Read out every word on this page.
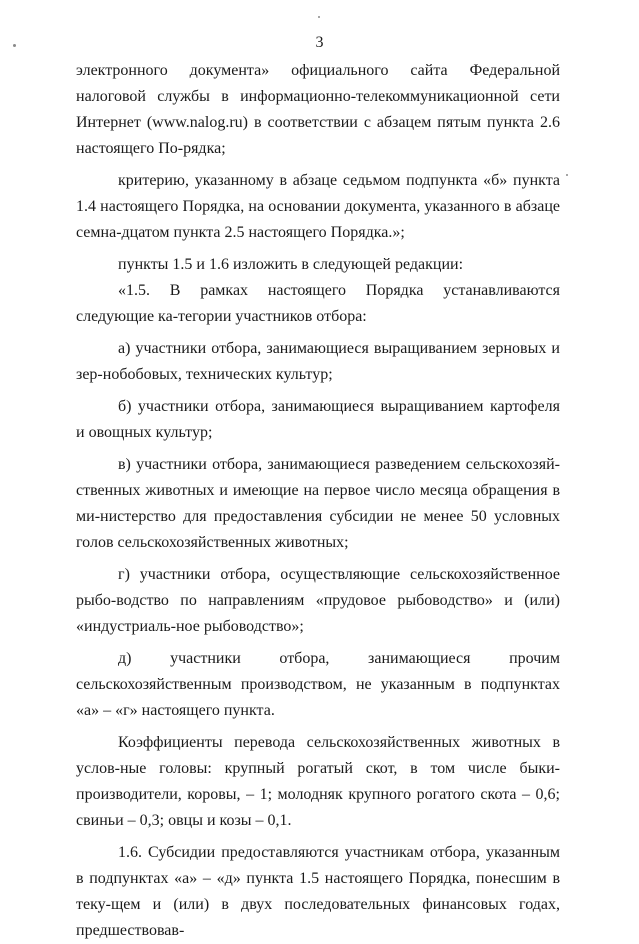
3

электронного документа» официального сайта Федеральной налоговой службы в информационно-телекоммуникационной сети Интернет (www.nalog.ru) в соответствии с абзацем пятым пункта 2.6 настоящего По-рядка;

критерию, указанному в абзаце седьмом подпункта «б» пункта 1.4 настоящего Порядка, на основании документа, указанного в абзаце семна-дцатом пункта 2.5 настоящего Порядка.»;

пункты 1.5 и 1.6 изложить в следующей редакции:

«1.5. В рамках настоящего Порядка устанавливаются следующие ка-тегории участников отбора:

а) участники отбора, занимающиеся выращиванием зерновых и зер-нобобовых, технических культур;

б) участники отбора, занимающиеся выращиванием картофеля и овощных культур;

в) участники отбора, занимающиеся разведением сельскохозяй-ственных животных и имеющие на первое число месяца обращения в ми-нистерство для предоставления субсидии не менее 50 условных голов сельскохозяйственных животных;

г) участники отбора, осуществляющие сельскохозяйственное рыбо-водство по направлениям «прудовое рыбоводство» и (или) «индустриаль-ное рыбоводство»;

д) участники отбора, занимающиеся прочим сельскохозяйственным производством, не указанным в подпунктах «а» – «г» настоящего пункта.

Коэффициенты перевода сельскохозяйственных животных в услов-ные головы: крупный рогатый скот, в том числе быки-производители, коровы, – 1; молодняк крупного рогатого скота – 0,6; свиньи – 0,3; овцы и козы – 0,1.

1.6. Субсидии предоставляются участникам отбора, указанным в подпунктах «а» – «д» пункта 1.5 настоящего Порядка, понесшим в теку-щем и (или) в двух последовательных финансовых годах, предшествовав-
